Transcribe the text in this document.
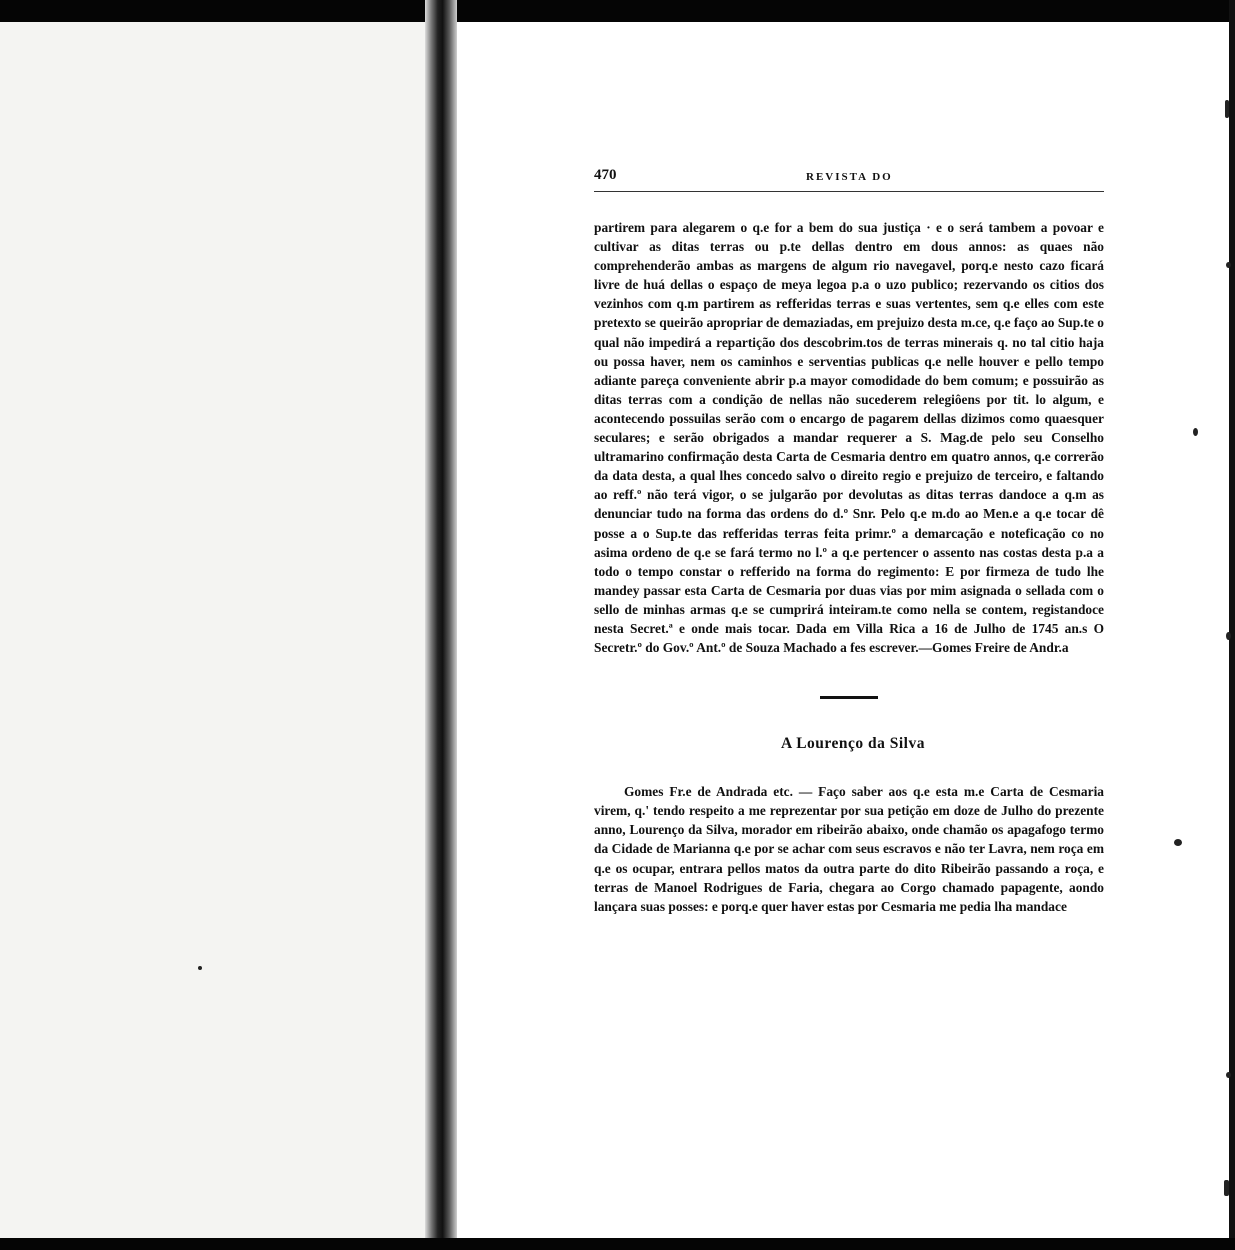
470	REVISTA DO

partirem para alegarem o q.e for a bem do sua justiça · e o será tambem a povoar e cultivar as ditas terras ou p.te dellas dentro em dous annos: as quaes não comprehenderão ambas as margens de algum rio navegavel, porq.e nesto cazo ficará livre de huá dellas o espaço de meya legoa p.a o uzo publico; rezervando os citios dos vezinhos com q.m partirem as refferidas terras e suas vertentes, sem q.e elles com este pretexto se queirão apropriar de demaziadas, em prejuizo desta m.ce, q.e faço ao Sup.te o qual não impedirá a repartição dos descobrim.tos de terras minerais q. no tal citio haja ou possa haver, nem os caminhos e serventias publicas q.e nelle houver e pello tempo adiante pareça conveniente abrir p.a mayor comodidade do bem comum; e possuirão as ditas terras com a condição de nellas não sucederem relegiôens por tit. lo algum, e acontecendo possuilas serão com o encargo de pagarem dellas dizimos como quaesquer seculares; e serão obrigados a mandar requerer a S. Mag.de pelo seu Conselho ultramarino confirmação desta Carta de Cesmaria dentro em quatro annos, q.e correrão da data desta, a qual lhes concedo salvo o direito regio e prejuizo de terceiro, e faltando ao reff.º não terá vigor, o se julgarão por devolutas as ditas terras dandoce a q.m as denunciar tudo na forma das ordens do d.º Snr. Pelo q.e m.do ao Men.e a q.e tocar dê posse a o Sup.te das refferidas terras feita primr.º a demarcação e noteficação co no asima ordeno de q.e se fará termo no l.º a q.e pertencer o assento nas costas desta p.a a todo o tempo constar o refferido na forma do regimento: E por firmeza de tudo lhe mandey passar esta Carta de Cesmaria por duas vias por mim asignada o sellada com o sello de minhas armas q.e se cumprirá inteiram.te como nella se contem, registandoce nesta Secret.ª e onde mais tocar. Dada em Villa Rica a 16 de Julho de 1745 an.s O Secretr.º do Gov.º Ant.º de Souza Machado a fes escrever.—Gomes Freire de Andr.a

A Lourenço da Silva
Gomes Fr.e de Andrada etc. — Faço saber aos q.e esta m.e Carta de Cesmaria virem, q.' tendo respeito a me reprezentar por sua petição em doze de Julho do prezente anno, Lourenço da Silva, morador em ribeirão abaixo, onde chamão os apagafogo termo da Cidade de Marianna q.e por se achar com seus escravos e não ter Lavra, nem roça em q.e os ocupar, entrara pellos matos da outra parte do dito Ribeirão passando a roça, e terras de Manoel Rodrigues de Faria, chegara ao Corgo chamado papagente, aondo lançara suas posses: e porq.e quer haver estas por Cesmaria me pedia lha mandace
